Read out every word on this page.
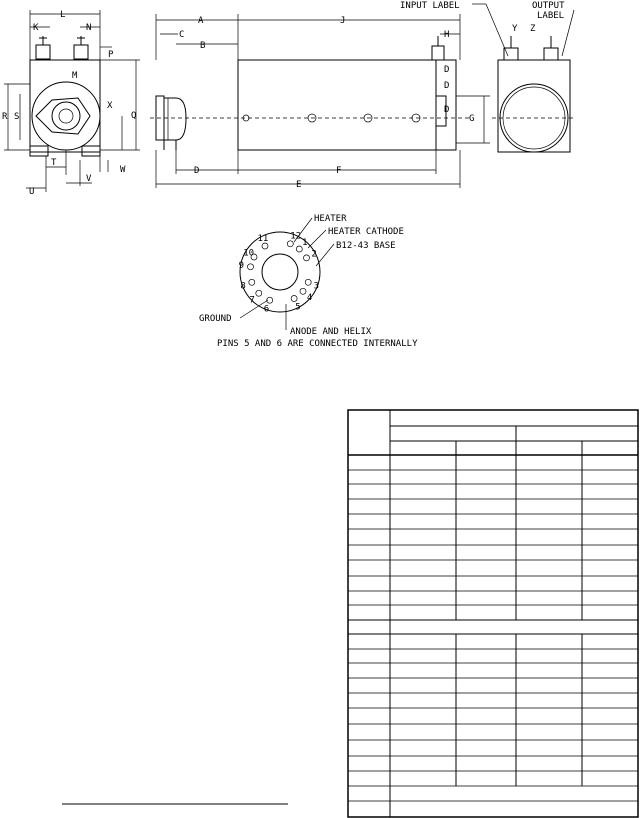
L
K	N
P
Q
X
M
R S
T
U
V
W
A	J
C
B
H
D
D
D
G
D	F
E
INPUT LABEL	OUTPUT
LABEL
Y Z
1
2
3
4
5
6
7
8
9
10
11 12
HEATER
HEATER CATHODE
B12-43 BASE
GROUND
ANODE AND HELIX
PINS 5 AND 6 ARE CONNECTED INTERNALLY
